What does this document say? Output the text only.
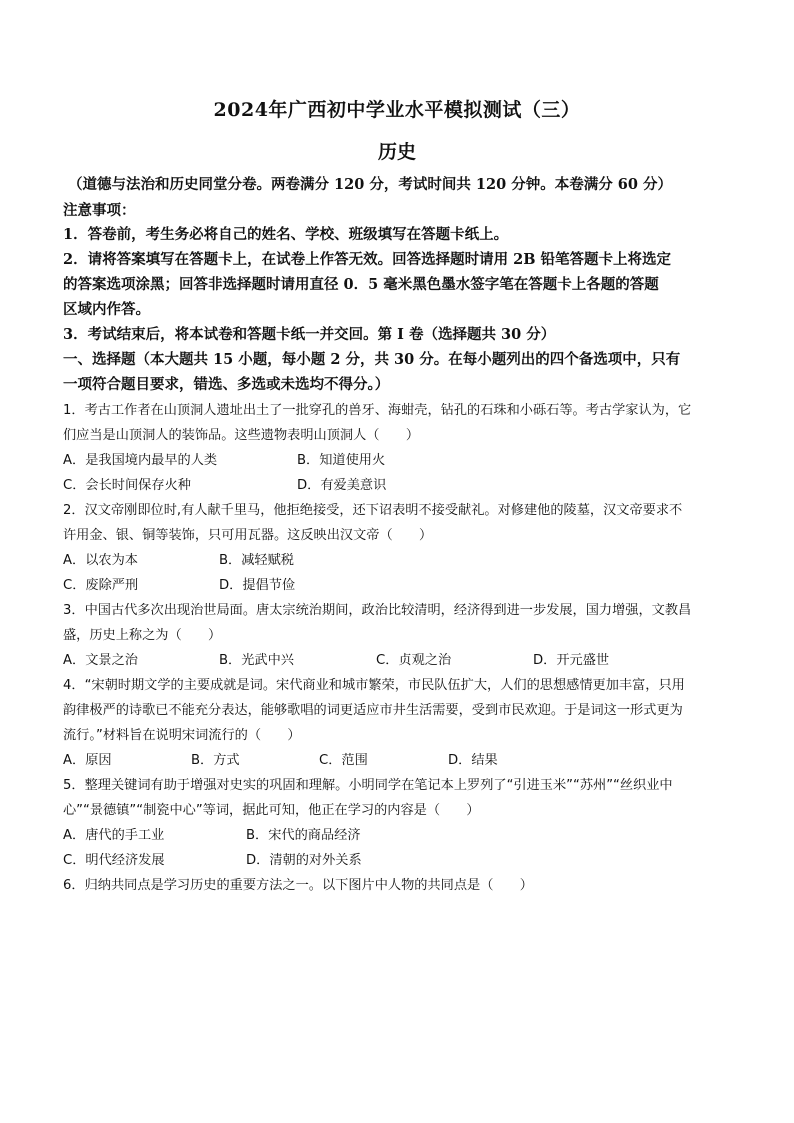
2024年广西初中学业水平模拟测试（三）
历史
（道德与法治和历史同堂分卷。两卷满分 120 分，考试时间共 120 分钟。本卷满分 60 分）
注意事项：
1．答卷前，考生务必将自己的姓名、学校、班级填写在答题卡纸上。
2．请将答案填写在答题卡上，在试卷上作答无效。回答选择题时请用 2B 铅笔答题卡上将选定
的答案选项涂黑；回答非选择题时请用直径 0．5 毫米黑色墨水签字笔在答题卡上各题的答题
区域内作答。
3．考试结束后，将本试卷和答题卡纸一并交回。第 I 卷（选择题共 30 分）
一、选择题（本大题共 15 小题，每小题 2 分，共 30 分。在每小题列出的四个备选项中，只有
一项符合题目要求，错选、多选或未选均不得分。）
1．考古工作者在山顶洞人遗址出土了一批穿孔的兽牙、海蚶壳，钻孔的石珠和小砾石等。考古学家认为，它
们应当是山顶洞人的装饰品。这些遗物表明山顶洞人（　　）
A．是我国境内最早的人类	B．知道使用火
C．会长时间保存火种	D．有爱美意识
2．汉文帝刚即位时,有人献千里马，他拒绝接受，还下诏表明不接受献礼。对修建他的陵墓，汉文帝要求不
许用金、银、铜等装饰，只可用瓦器。这反映出汉文帝（　　）
A．以农为本	B．减轻赋税
C．废除严刑	D．提倡节俭
3．中国古代多次出现治世局面。唐太宗统治期间，政治比较清明，经济得到进一步发展，国力增强，文教昌
盛，历史上称之为（　　）
A．文景之治	B．光武中兴	C．贞观之治	D．开元盛世
4．“宋朝时期文学的主要成就是词。宋代商业和城市繁荣，市民队伍扩大，人们的思想感情更加丰富，只用
韵律极严的诗歌已不能充分表达，能够歌唱的词更适应市井生活需要，受到市民欢迎。于是词这一形式更为
流行。”材料旨在说明宋词流行的（　　）
A．原因	B．方式	C．范围	D．结果
5．整理关键词有助于增强对史实的巩固和理解。小明同学在笔记本上罗列了“引进玉米”“苏州”“丝织业中
心”“景德镇”“制瓷中心”等词，据此可知，他正在学习的内容是（　　）
A．唐代的手工业	B．宋代的商品经济
C．明代经济发展	D．清朝的对外关系
6．归纳共同点是学习历史的重要方法之一。以下图片中人物的共同点是（　　）
